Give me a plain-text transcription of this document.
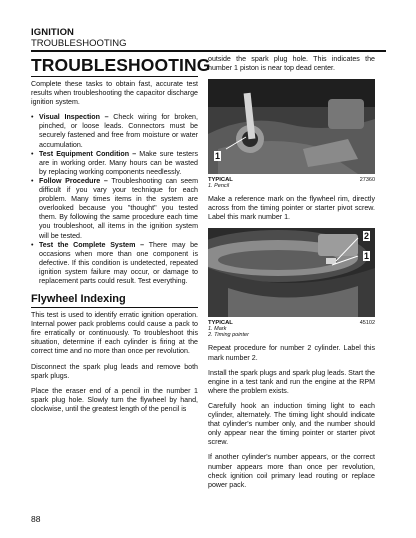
IGNITION
TROUBLESHOOTING
TROUBLESHOOTING

Complete these tasks to obtain fast, accurate test results when troubleshooting the capacitor discharge ignition system.

• Visual Inspection – Check wiring for broken, pinched, or loose leads. Connectors must be securely fastened and free from moisture or water accumulation.
• Test Equipment Condition – Make sure testers are in working order. Many hours can be wasted by replacing working components needlessly.
• Follow Procedure – Troubleshooting can seem difficult if you vary your technique for each problem. Many times items in the system are overlooked because you "thought" you tested them. By following the same procedure each time you troubleshoot, all items in the ignition system will be tested.
• Test the Complete System – There may be occasions when more than one component is defective. If this condition is undetected, repeated ignition system failure may occur, or damage to replacement parts could result. Test everything.
Flywheel Indexing

This test is used to identify erratic ignition operation. Internal power pack problems could cause a pack to fire erratically or continuously. To troubleshoot this situation, determine if each cylinder is firing at the correct time and no more than once per revolution.

Disconnect the spark plug leads and remove both spark plugs.

Place the eraser end of a pencil in the number 1 spark plug hole. Slowly turn the flywheel by hand, clockwise, until the greatest length of the pencil is

outside the spark plug hole. This indicates the number 1 piston is near top dead center.

1
TYPICAL
1. Pencil
27360

Make a reference mark on the flywheel rim, directly across from the timing pointer or starter pivot screw. Label this mark number 1.

2
1
TYPICAL
1. Mark
2. Timing pointer
45102

Repeat procedure for number 2 cylinder. Label this mark number 2.

Install the spark plugs and spark plug leads. Start the engine in a test tank and run the engine at the RPM where the problem exists.

Carefully hook an induction timing light to each cylinder, alternately. The timing light should indicate that cylinder's number only, and the number should only appear near the timing pointer or starter pivot screw.

If another cylinder's number appears, or the correct number appears more than once per revolution, check ignition coil primary lead routing or replace power pack.

88
